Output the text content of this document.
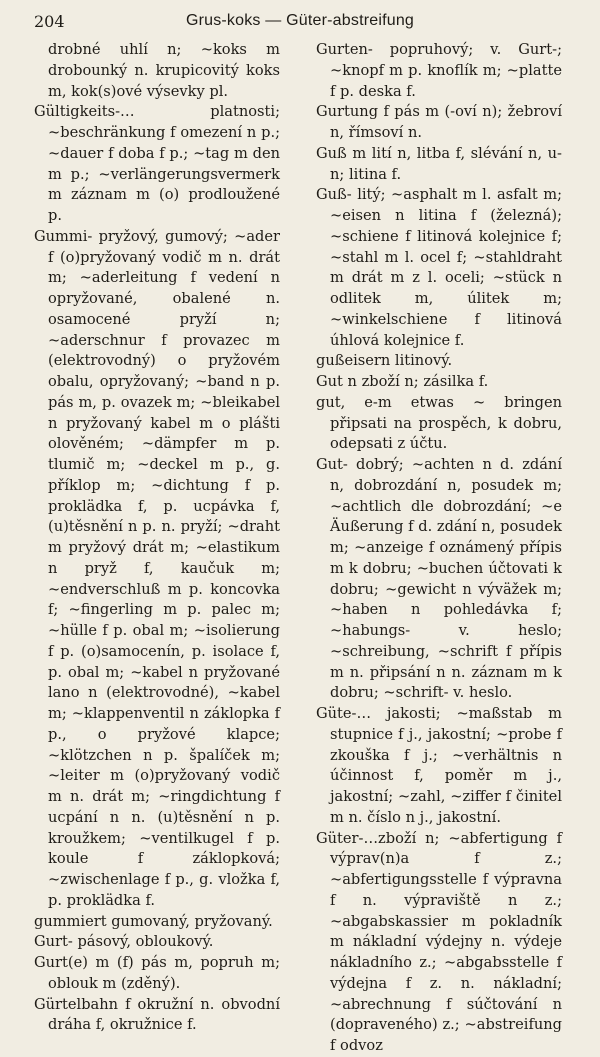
204	Grus-koks — Güter-abstreifung

drobné uhlí n; ~koks m drobounký n. krupicovitý koks m, kok(s)ové výsevky pl.

Gültigkeits-… platnosti; ~beschränkung f omezení n p.; ~dauer f doba f p.; ~tag m den m p.; ~verlängerungsvermerk m záznam m (o) prodloužené p.

Gummi- pryžový, gumový; ~ader f (o)pryžovaný vodič m n. drát m; ~aderleitung f vedení n opryžované, obalené n. osamocené pryží n; ~aderschnur f provazec m (elektrovodný) o pryžovém obalu, opryžovaný; ~band n p. pás m, p. ovazek m; ~bleikabel n pryžovaný kabel m o plášti olověném; ~dämpfer m p. tlumič m; ~deckel m p., g. příklop m; ~dichtung f p. proklädka f, p. ucpávka f, (u)těsnění n p. n. pryží; ~draht m pryžový drát m; ~elastikum n pryž f, kaučuk m; ~endverschluß m p. koncovka f; ~fingerling m p. palec m; ~hülle f p. obal m; ~isolierung f p. (o)samocenín, p. isolace f, p. obal m; ~kabel n pryžované lano n (elektrovodné), ~kabel m; ~klappenventil n záklopka f p., o pryžové klapce; ~klötzchen n p. špalíček m; ~leiter m (o)pryžovaný vodič m n. drát m; ~ringdichtung f ucpání n n. (u)těsnění n p. kroužkem; ~ventilkugel f p. koule f záklopková; ~zwischenlage f p., g. vložka f, p. proklädka f.

gummiert gumovaný, pryžovaný.

Gurt- pásový, obloukový.

Gurt(e) m (f) pás m, popruh m; oblouk m (zděný).

Gürtelbahn f okružní n. obvodní dráha f, okružnice f.

Gurten- popruhový; v. Gurt-; ~knopf m p. knoflík m; ~platte f p. deska f.

Gurtung f pás m (-oví n); žebroví n, římsoví n.

Guß m lití n, litba f, slévání n, u- n; litina f.

Guß- litý; ~asphalt m l. asfalt m; ~eisen n litina f (železná); ~schiene f litinová kolejnice f; ~stahl m l. ocel f; ~stahldraht m drát m z l. oceli; ~stück n odlitek m, úlitek m; ~winkelschiene f litinová úhlová kolejnice f.

gußeisern litinový.

Gut n zboží n; zásilka f.

gut, e-m etwas ~ bringen připsati na prospěch, k dobru, odepsati z účtu.

Gut- dobrý; ~achten n d. zdání n, dobrozdání n, posudek m; ~achtlich dle dobrozdání; ~e Äußerung f d. zdání n, posudek m; ~anzeige f oznámený přípis m k dobru; ~buchen účtovati k dobru; ~gewicht n výväžek m; ~haben n pohledávka f; ~habungs- v. heslo; ~schreibung, ~schrift f přípis m n. připsání n n. záznam m k dobru; ~schrift- v. heslo.

Güte-… jakosti; ~maßstab m stupnice f j., jakostní; ~probe f zkouška f j.; ~verhältnis n účinnost f, poměr m j., jakostní; ~zahl, ~ziffer f činitel m n. číslo n j., jakostní.

Güter-…zboží n; ~abfertigung f výprav(n)a f z.; ~abfertigungsstelle f výpravna f n. výpraviště n z.; ~abgabskassier m pokladník m nákladní výdejny n. výdeje nákladního z.; ~abgabsstelle f výdejna f z. n. nákladní; ~abrechnung f súčtování n (dopraveného) z.; ~abstreifung f odvoz
